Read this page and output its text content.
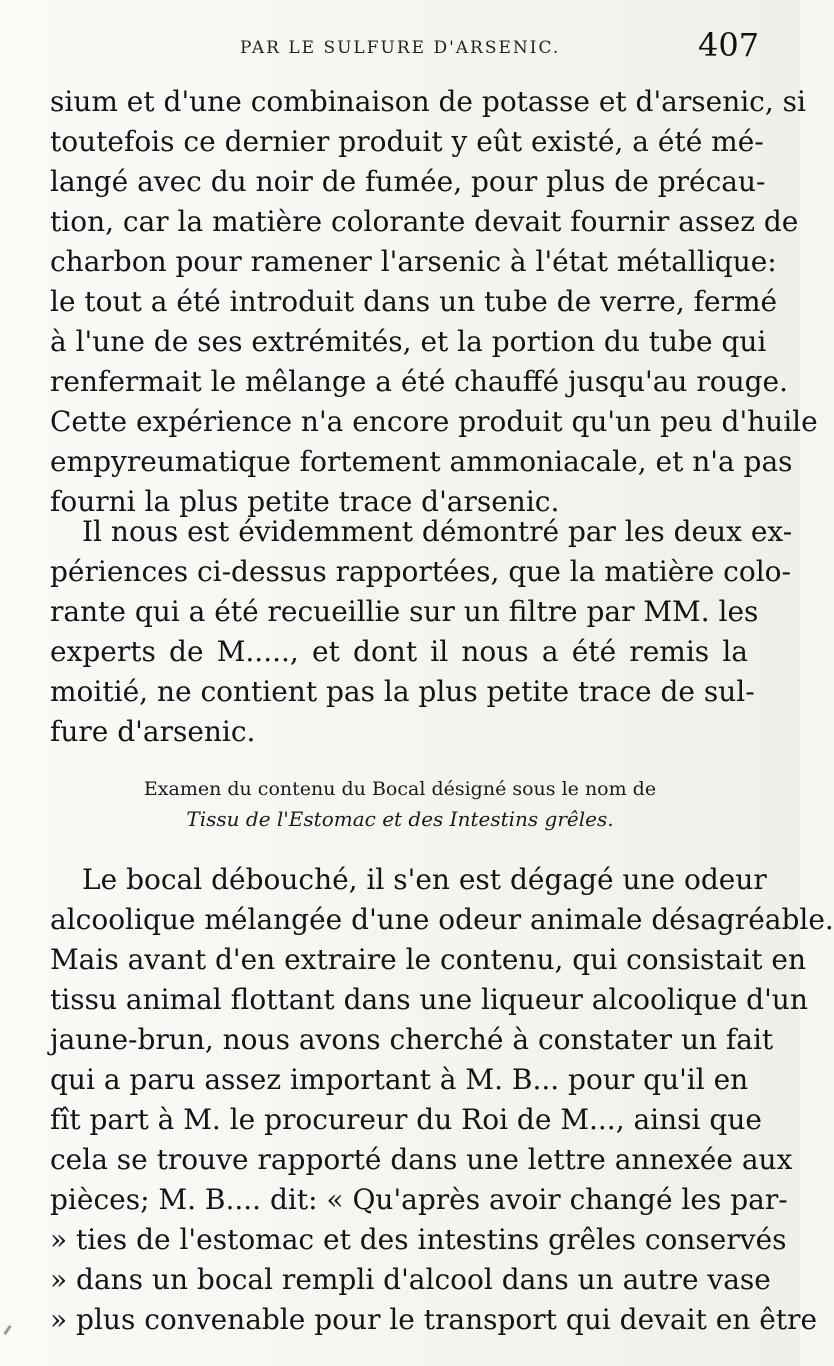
PAR LE SULFURE D'ARSENIC.	407
sium et d'une combinaison de potasse et d'arsenic, si
toutefois ce dernier produit y eût existé, a été mé-
langé avec du noir de fumée, pour plus de précau-
tion, car la matière colorante devait fournir assez de
charbon pour ramener l'arsenic à l'état métallique:
le tout a été introduit dans un tube de verre, fermé
à l'une de ses extrémités, et la portion du tube qui
renfermait le mêlange a été chauffé jusqu'au rouge.
Cette expérience n'a encore produit qu'un peu d'huile
empyreumatique fortement ammoniacale, et n'a pas
fourni la plus petite trace d'arsenic.
Il nous est évidemment démontré par les deux ex-
périences ci-dessus rapportées, que la matière colo-
rante qui a été recueillie sur un filtre par MM. les
experts de M....., et dont il nous a été remis la
moitié, ne contient pas la plus petite trace de sul-
fure d'arsenic.
Examen du contenu du Bocal désigné sous le nom de
Tissu de l'Estomac et des Intestins grêles.
Le bocal débouché, il s'en est dégagé une odeur
alcoolique mélangée d'une odeur animale désagréable.
Mais avant d'en extraire le contenu, qui consistait en
tissu animal flottant dans une liqueur alcoolique d'un
jaune-brun, nous avons cherché à constater un fait
qui a paru assez important à M. B... pour qu'il en
fît part à M. le procureur du Roi de M..., ainsi que
cela se trouve rapporté dans une lettre annexée aux
pièces; M. B.... dit: « Qu'après avoir changé les par-
» ties de l'estomac et des intestins grêles conservés
» dans un bocal rempli d'alcool dans un autre vase
» plus convenable pour le transport qui devait en être
